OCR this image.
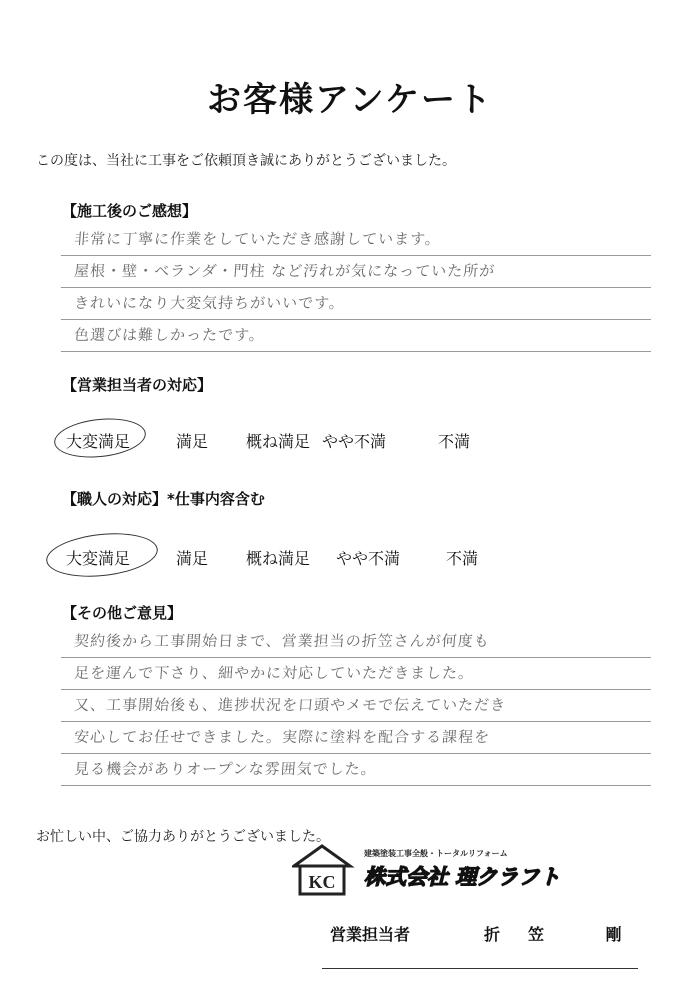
お客様アンケート
この度は、当社に工事をご依頼頂き誠にありがとうございました。
【施工後のご感想】
非常に丁寧に作業をしていただき感謝しています。
屋根・壁・ベランダ・門柱 など汚れが気になっていた所が
きれいになり大変気持ちがいいです。
色選びは難しかったです。
【営業担当者の対応】
大変満足	満足 概ね満足 やや不満	不満
【職人の対応】*仕事内容含む
大変満足	満足 概ね満足 やや不満	不満
【その他ご意見】
契約後から工事開始日まで、営業担当の折笠さんが何度も
足を運んで下さり、細やかに対応していただきました。
又、工事開始後も、進捗状況を口頭やメモで伝えていただき
安心してお任せできました。実際に塗料を配合する課程を
見る機会がありオープンな雰囲気でした。
お忙しい中、ご協力ありがとうございました。
KC
建築塗装工事全般・トータルリフォーム
株式会社 理クラフト
営業担当者	折笠 剛
